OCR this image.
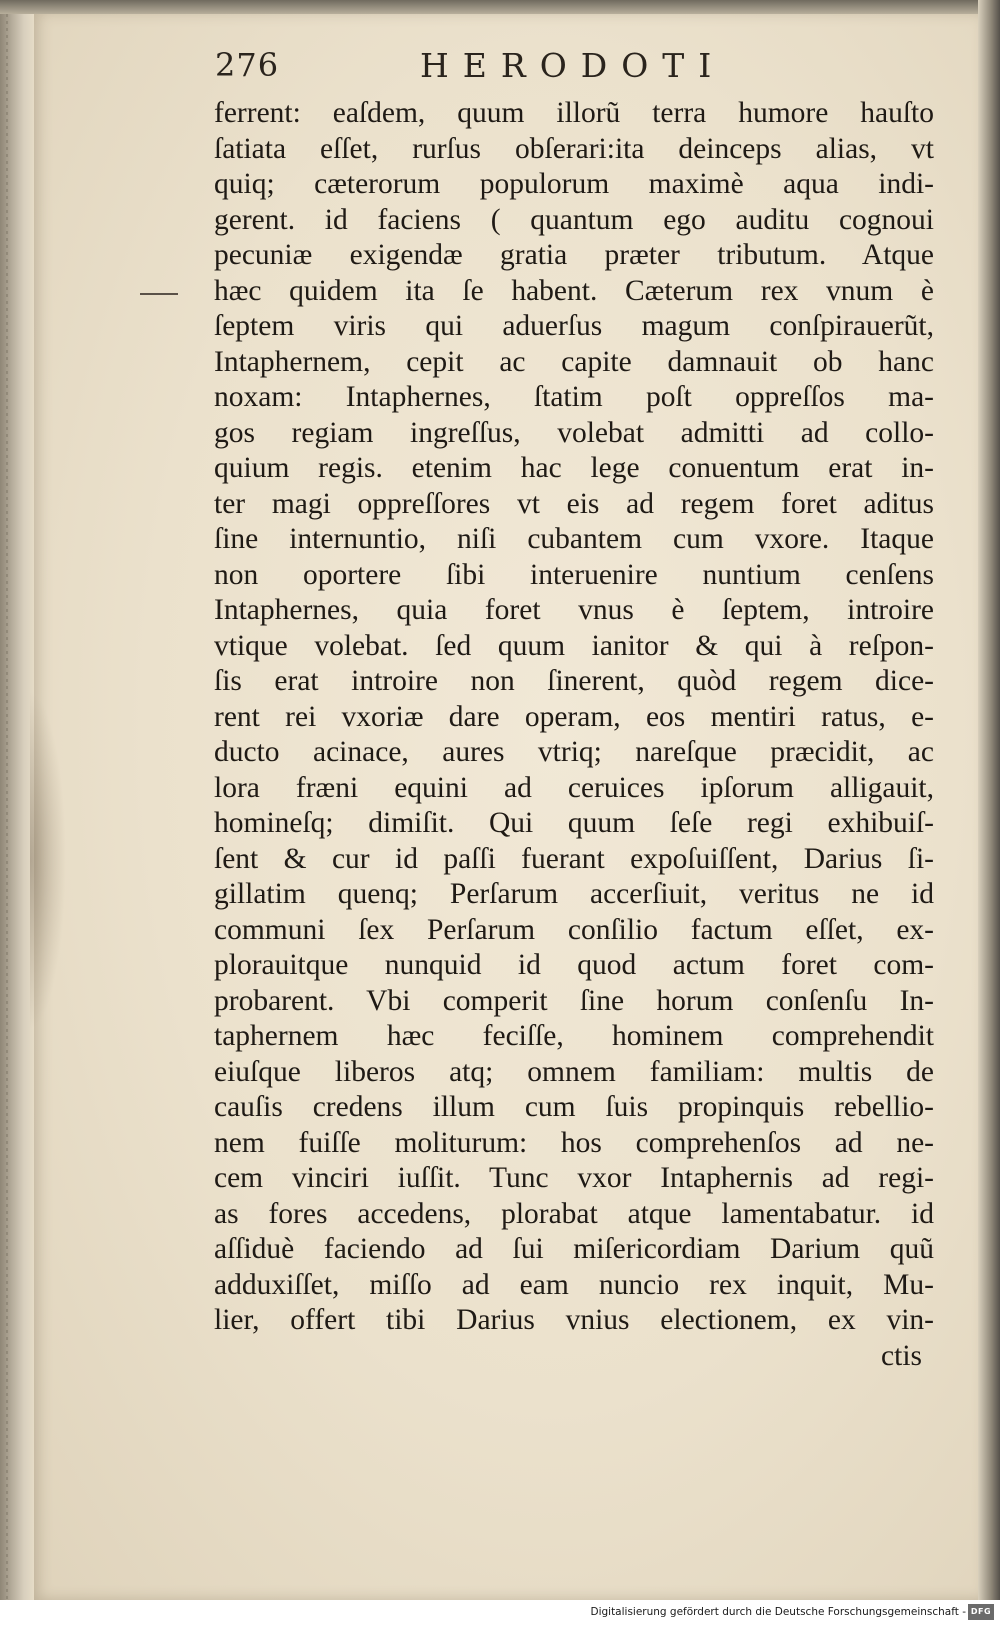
276	HERODOTI
ferrent: eaſdem, quum illorũ terra humore hauſto
ſatiata eſſet, rurſus obſerari:ita deinceps alias, vt
quiq; cæterorum populorum maximè aqua indi-
gerent. id faciens ( quantum ego auditu cognoui
pecuniæ exigendæ gratia præter tributum. Atque
hæc quidem ita ſe habent. Cæterum rex vnum è
ſeptem viris qui aduerſus magum conſpirauerũt,
Intaphernem, cepit ac capite damnauit ob hanc
noxam: Intaphernes, ſtatim poſt oppreſſos ma-
gos regiam ingreſſus, volebat admitti ad collo-
quium regis. etenim hac lege conuentum erat in-
ter magi oppreſſores vt eis ad regem foret aditus
ſine internuntio, niſi cubantem cum vxore. Itaque
non oportere ſibi interuenire nuntium cenſens
Intaphernes, quia foret vnus è ſeptem, introire
vtique volebat. ſed quum ianitor & qui à reſpon-
ſis erat introire non ſinerent, quòd regem dice-
rent rei vxoriæ dare operam, eos mentiri ratus, e-
ducto acinace, aures vtriq; nareſque præcidit, ac
lora fræni equini ad ceruices ipſorum alligauit,
homineſq; dimiſit. Qui quum ſeſe regi exhibuiſ-
ſent & cur id paſſi fuerant expoſuiſſent, Darius ſi-
gillatim quenq; Perſarum accerſiuit, veritus ne id
communi ſex Perſarum conſilio factum eſſet, ex-
plorauitque nunquid id quod actum foret com-
probarent. Vbi comperit ſine horum conſenſu In-
taphernem hæc feciſſe, hominem comprehendit
eiuſque liberos atq; omnem familiam: multis de
cauſis credens illum cum ſuis propinquis rebellio-
nem fuiſſe moliturum: hos comprehenſos ad ne-
cem vinciri iuſſit. Tunc vxor Intaphernis ad regi-
as fores accedens, plorabat atque lamentabatur. id
aſſiduè faciendo ad ſui miſericordiam Darium quũ
adduxiſſet, miſſo ad eam nuncio rex inquit, Mu-
lier, offert tibi Darius vnius electionem, ex vin-
ctis
Digitalisierung gefördert durch die Deutsche Forschungsgemeinschaft - DFG
